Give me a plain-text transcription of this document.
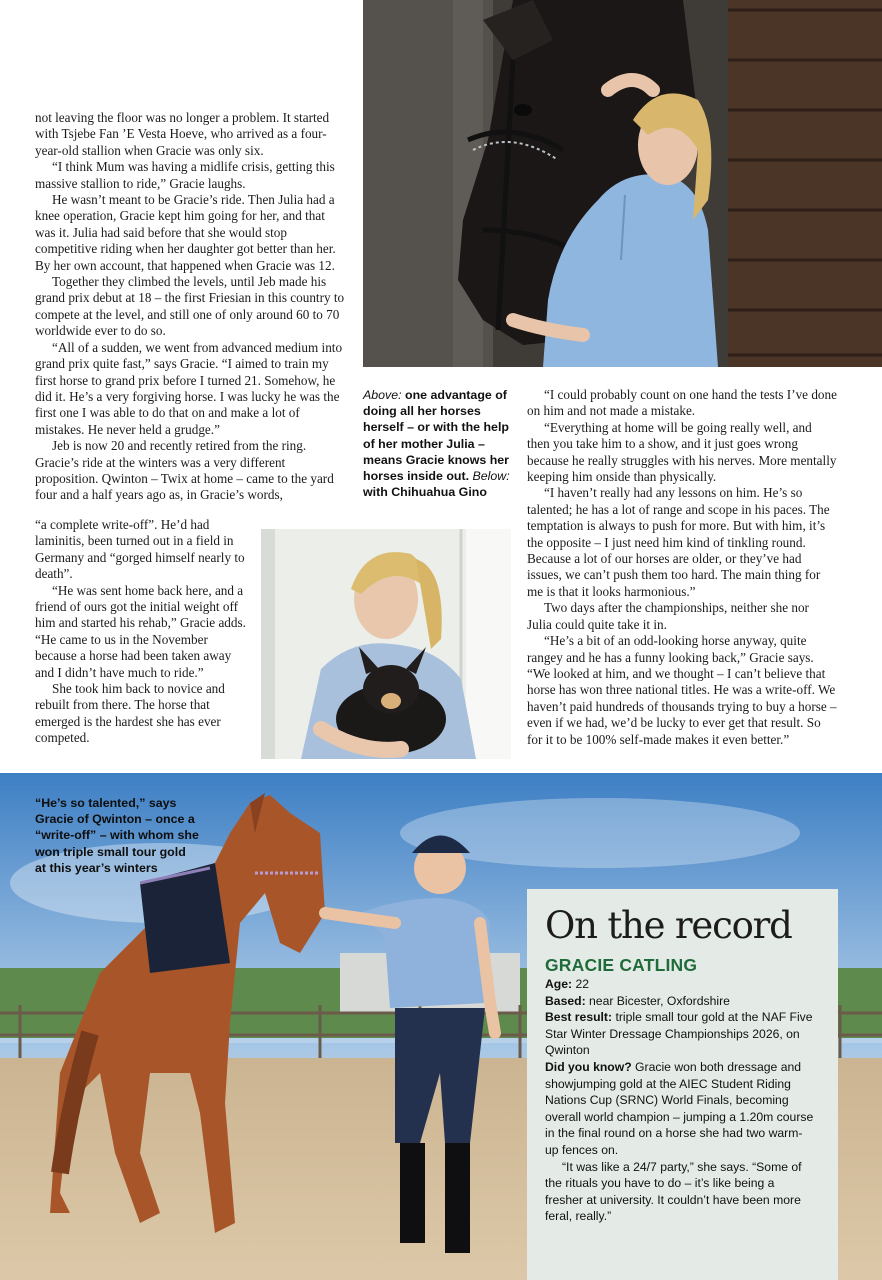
not leaving the floor was no longer a problem. It started with Tsjebe Fan ’E Vesta Hoeve, who arrived as a four-year-old stallion when Gracie was only six.

“I think Mum was having a midlife crisis, getting this massive stallion to ride,” Gracie laughs.

He wasn’t meant to be Gracie’s ride. Then Julia had a knee operation, Gracie kept him going for her, and that was it. Julia had said before that she would stop competitive riding when her daughter got better than her. By her own account, that happened when Gracie was 12.

Together they climbed the levels, until Jeb made his grand prix debut at 18 – the first Friesian in this country to compete at the level, and still one of only around 60 to 70 worldwide ever to do so.

“All of a sudden, we went from advanced medium into grand prix quite fast,” says Gracie. “I aimed to train my first horse to grand prix before I turned 21. Somehow, he did it. He’s a very forgiving horse. I was lucky he was the first one I was able to do that on and make a lot of mistakes. He never held a grudge.”

Jeb is now 20 and recently retired from the ring. Gracie’s ride at the winters was a very different proposition. Qwinton – Twix at home – came to the yard four and a half years ago as, in Gracie’s words,

“a complete write-off”. He’d had laminitis, been turned out in a field in Germany and “gorged himself nearly to death”.

“He was sent home back here, and a friend of ours got the initial weight off him and started his rehab,” Gracie adds. “He came to us in the November because a horse had been taken away and I didn’t have much to ride.”

She took him back to novice and rebuilt from there. The horse that emerged is the hardest she has ever competed.

Above: one advantage of doing all her horses herself – or with the help of her mother Julia – means Gracie knows her horses inside out. Below: with Chihuahua Gino

“I could probably count on one hand the tests I’ve done on him and not made a mistake.

“Everything at home will be going really well, and then you take him to a show, and it just goes wrong because he really struggles with his nerves. More mentally keeping him onside than physically.

“I haven’t really had any lessons on him. He’s so talented; he has a lot of range and scope in his paces. The temptation is always to push for more. But with him, it’s the opposite – I just need him kind of tinkling round. Because a lot of our horses are older, or they’ve had issues, we can’t push them too hard. The main thing for me is that it looks harmonious.”

Two days after the championships, neither she nor Julia could quite take it in.

“He’s a bit of an odd-looking horse anyway, quite rangey and he has a funny looking back,” Gracie says. “We looked at him, and we thought – I can’t believe that horse has won three national titles. He was a write-off. We haven’t paid hundreds of thousands trying to buy a horse – even if we had, we’d be lucky to ever get that result. So for it to be 100% self-made makes it even better.”

“He’s so talented,” says Gracie of Qwinton – once a “write-off” – with whom she won triple small tour gold at this year’s winters
On the record
GRACIE CATLING

Age: 22

Based: near Bicester, Oxfordshire

Best result: triple small tour gold at the NAF Five Star Winter Dressage Championships 2026, on Qwinton

Did you know? Gracie won both dressage and showjumping gold at the AIEC Student Riding Nations Cup (SRNC) World Finals, becoming overall world champion – jumping a 1.20m course in the final round on a horse she had two warm-up fences on.

“It was like a 24/7 party,” she says. “Some of the rituals you have to do – it’s like being a fresher at university. It couldn’t have been more feral, really.”
